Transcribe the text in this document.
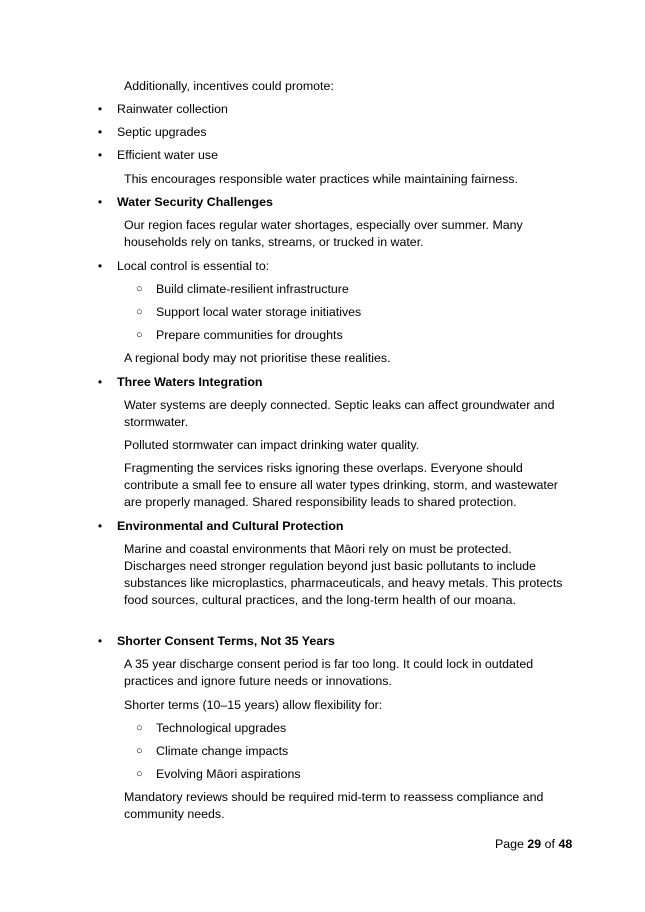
Additionally, incentives could promote:
• Rainwater collection
• Septic upgrades
• Efficient water use
This encourages responsible water practices while maintaining fairness.
• Water Security Challenges
Our region faces regular water shortages, especially over summer. Many households rely on tanks, streams, or trucked in water.
• Local control is essential to:
○ Build climate-resilient infrastructure
○ Support local water storage initiatives
○ Prepare communities for droughts
A regional body may not prioritise these realities.
• Three Waters Integration
Water systems are deeply connected. Septic leaks can affect groundwater and stormwater.
Polluted stormwater can impact drinking water quality.
Fragmenting the services risks ignoring these overlaps. Everyone should contribute a small fee to ensure all water types drinking, storm, and wastewater are properly managed. Shared responsibility leads to shared protection.
• Environmental and Cultural Protection
Marine and coastal environments that Māori rely on must be protected. Discharges need stronger regulation beyond just basic pollutants to include substances like microplastics, pharmaceuticals, and heavy metals. This protects food sources, cultural practices, and the long-term health of our moana.
• Shorter Consent Terms, Not 35 Years
A 35 year discharge consent period is far too long. It could lock in outdated practices and ignore future needs or innovations.
Shorter terms (10–15 years) allow flexibility for:
○ Technological upgrades
○ Climate change impacts
○ Evolving Māori aspirations
Mandatory reviews should be required mid-term to reassess compliance and community needs.
Page 29 of 48
